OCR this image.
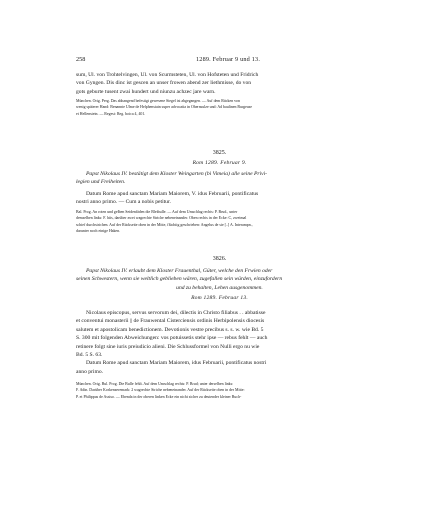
258	1289. Februar 9 und 13.

sum, Ul. von Trohtelvingen, Ul. von Scurmsteten, Ul. von Hofsteten und Fridrich

von Gyngen. Dis dinc ist gescen an unser frowen abend zer liethmisse, do von

gots geburte tusent zwai hundert und niunzu achzec jare warn.

München. Orig. Perg. Das abhangend befestigt gewesene Siegel ist abgegangen. — Auf dem Rücken von

wenig späterer Hand: Benannte Ulme de Helphenstain super advocatia in Ohernsulze und: Ad baulinen Burgeuse

et Hellenstein. — Regest: Reg. boica 4, 401.

3825.

Rom 1289. Februar 9.

Papst Nikolaus IV. bestätigt dem Kloster Weingarten (bi Vimeia) alle seine Privi-

legien und Freiheiten.

Datum Rome apud sanctam Mariam Maiorem, V. idus Februarii, pontificatus

nostri anno primo. — Cum a nobis petitur.

Bal. Prog. An roten und gelben Seidenfäden die Bleibulle. — Auf dem Umschlag rechts: P. Brud., unter

demselben links: F. hiis, darüber zwei wagrechte Striche nebeneinander. Oben rechts in der Ecke: C, zweimal

schief durchstrichen. Auf der Rückseite oben in der Mitte, flüchtig geschrieben: Angelus de sie [..] A. Interampn.,

darunter noch einige Haken.

3826.

Papst Nikolaus IV. erlaubt dem Kloster Frauenthal, Güter, welche den Frwien oder

seinen Schwestern, wenn sie weltlich geblieben wären, zugefallen sein würden, einzufordern

und zu behalten, Lehen ausgenommen.

Rom 1289. Februar 13.

Nicolaus episcopus, servus servorum dei, dilectis in Christo filiabus . . abbatisse

et conventui monasterii || de Frauwental Cisterciensis ordinis Herbipolensis diocesis

salutem et apostolicam benedictionem. Devotionis vestre precibus s. s. w. wie Bd. 5

S. 300 mit folgenden Abweichungen: vos potuissetis stehr ipse — rebus fehlt — auch

retinere folgt sine iuris preiudicio alieni. Die Schlussformel von Nulli ergo nu wie

Bd. 5 S. 63.

Datum Rome apud sanctam Mariam Maiorem, idus Februarii, pontificatus nostri

anno primo.

München. Orig. Bul. Prog. Die Bulle fehlt. Auf dem Umschlag rechts: P. Brud; unter derselben links:

F. Adin. Darüber Korkenzeremark: 2 wagrechte Striche nebeneinander. Auf der Rückseite oben in der Mitte:

P. et Philippus de Assiso. — Ebenda in der oberen linken Ecke ein nicht sicher zu deutender kleiner Buch-
